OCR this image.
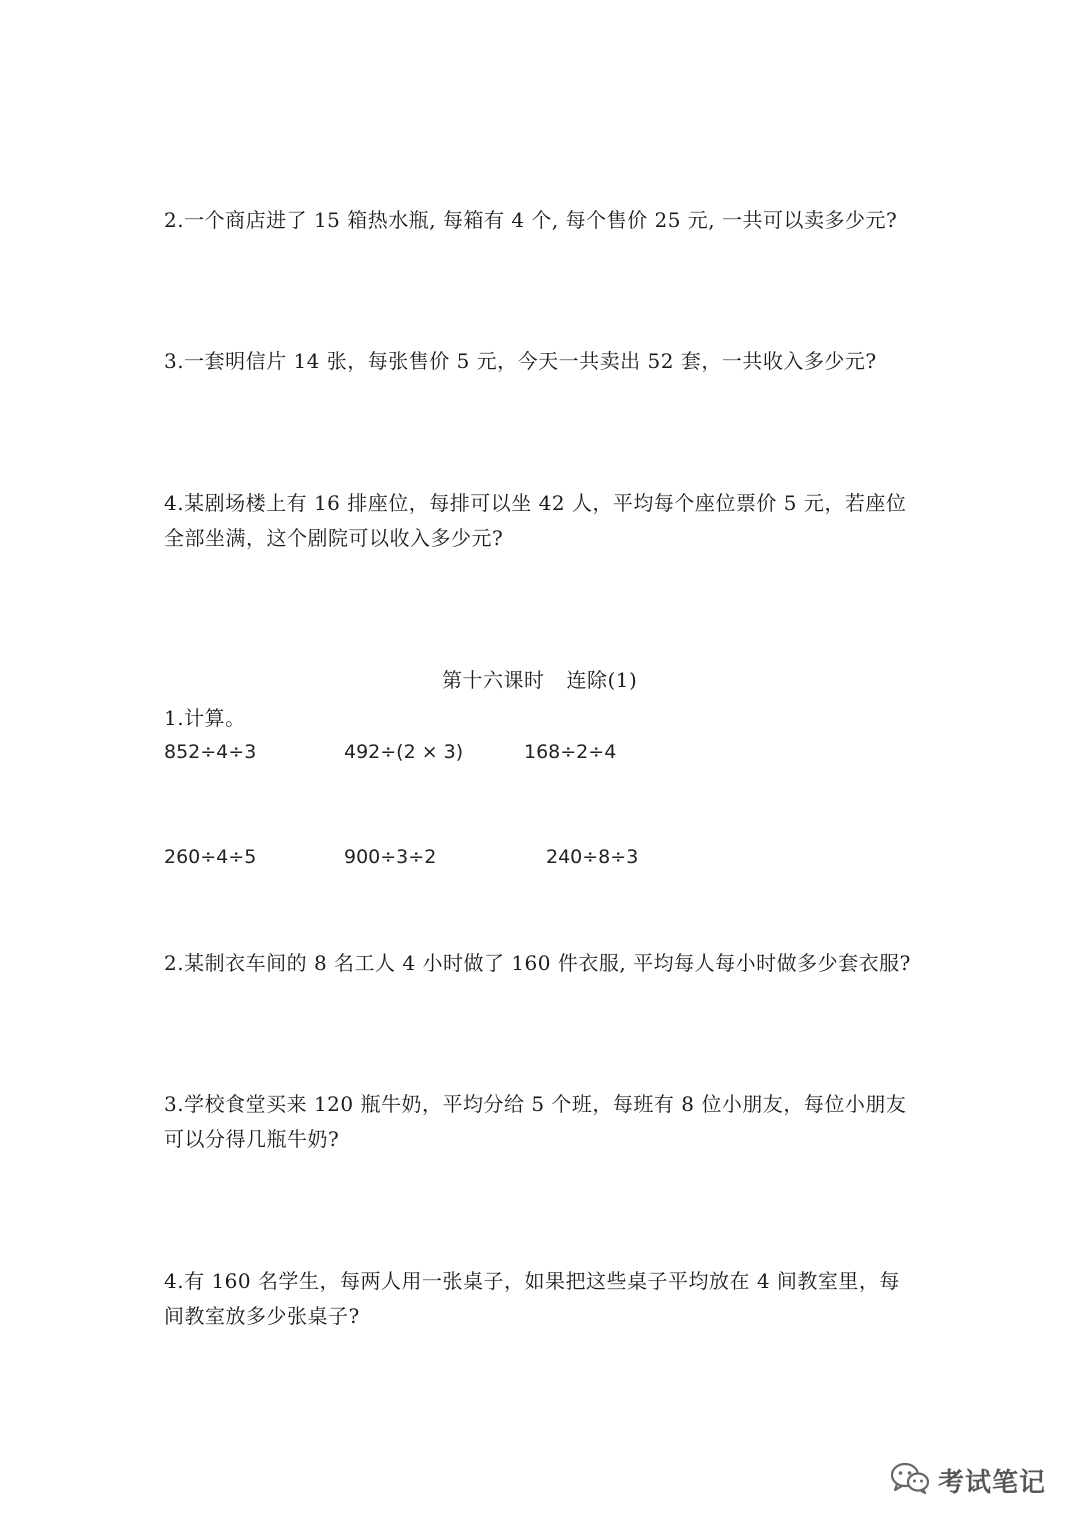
2.一个商店进了 15 箱热水瓶, 每箱有 4 个, 每个售价 25 元, 一共可以卖多少元?
3.一套明信片 14 张，每张售价 5 元，今天一共卖出 52 套，一共收入多少元?
4.某剧场楼上有 16 排座位，每排可以坐 42 人，平均每个座位票价 5 元，若座位
全部坐满，这个剧院可以收入多少元?
第十六课时 连除(1)
1.计算。
852÷4÷3	492÷(2 × 3)	168÷2÷4
260÷4÷5	900÷3÷2	240÷8÷3
2.某制衣车间的 8 名工人 4 小时做了 160 件衣服, 平均每人每小时做多少套衣服?
3.学校食堂买来 120 瓶牛奶，平均分给 5 个班，每班有 8 位小朋友，每位小朋友
可以分得几瓶牛奶?
4.有 160 名学生，每两人用一张桌子，如果把这些桌子平均放在 4 间教室里，每
间教室放多少张桌子?
考试笔记
